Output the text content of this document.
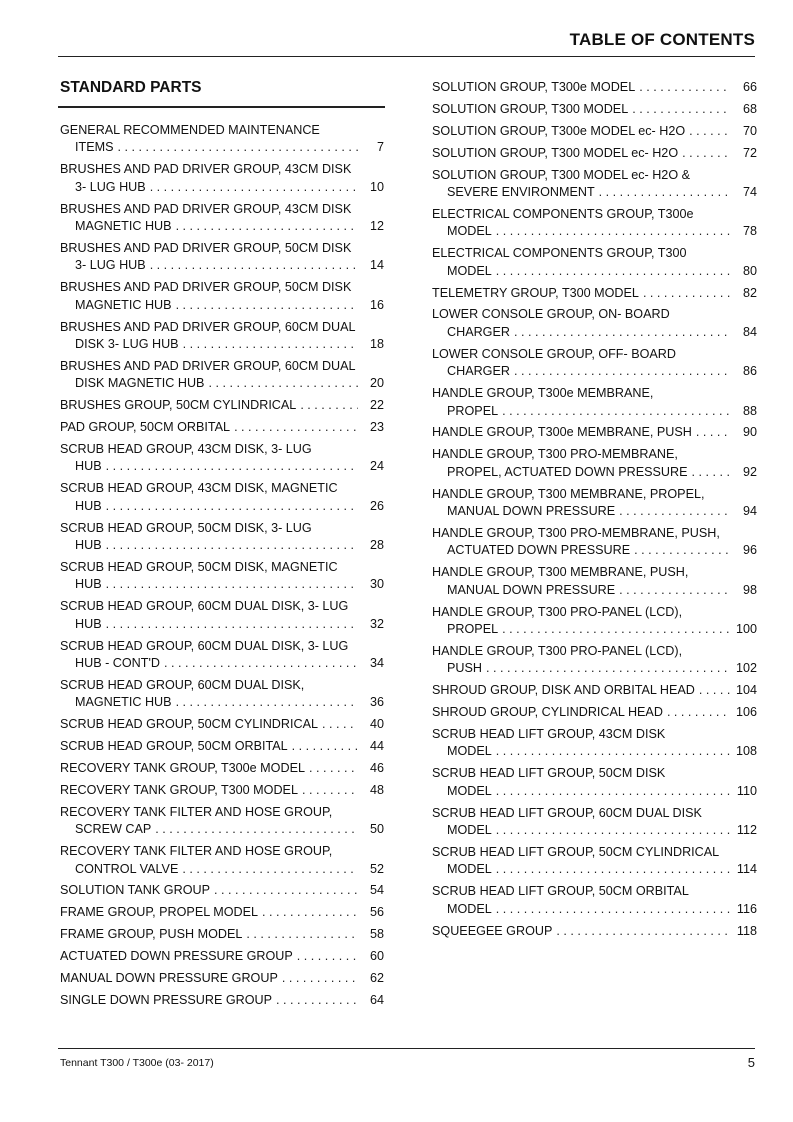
TABLE OF CONTENTS
STANDARD PARTS
GENERAL RECOMMENDED MAINTENANCE
ITEMS . . .	7
BRUSHES AND PAD DRIVER GROUP, 43CM DISK
3- LUG HUB . . .	10
BRUSHES AND PAD DRIVER GROUP, 43CM DISK
MAGNETIC HUB . . .	12
BRUSHES AND PAD DRIVER GROUP, 50CM DISK
3- LUG HUB . . .	14
BRUSHES AND PAD DRIVER GROUP, 50CM DISK
MAGNETIC HUB . . .	16
BRUSHES AND PAD DRIVER GROUP, 60CM DUAL
DISK 3- LUG HUB . . .	18
BRUSHES AND PAD DRIVER GROUP, 60CM DUAL
DISK MAGNETIC HUB . . .	20
BRUSHES GROUP, 50CM CYLINDRICAL . . .	22
PAD GROUP, 50CM ORBITAL . . .	23
SCRUB HEAD GROUP, 43CM DISK, 3- LUG
HUB . . .	24
SCRUB HEAD GROUP, 43CM DISK, MAGNETIC
HUB . . .	26
SCRUB HEAD GROUP, 50CM DISK, 3- LUG
HUB . . .	28
SCRUB HEAD GROUP, 50CM DISK, MAGNETIC
HUB . . .	30
SCRUB HEAD GROUP, 60CM DUAL DISK, 3- LUG
HUB . . .	32
SCRUB HEAD GROUP, 60CM DUAL DISK, 3- LUG
HUB - CONT'D . . .	34
SCRUB HEAD GROUP, 60CM DUAL DISK,
MAGNETIC HUB . . .	36
SCRUB HEAD GROUP, 50CM CYLINDRICAL . . .	40
SCRUB HEAD GROUP, 50CM ORBITAL . . .	44
RECOVERY TANK GROUP, T300e MODEL . . .	46
RECOVERY TANK GROUP, T300 MODEL . . .	48
RECOVERY TANK FILTER AND HOSE GROUP,
SCREW CAP . . .	50
RECOVERY TANK FILTER AND HOSE GROUP,
CONTROL VALVE . . .	52
SOLUTION TANK GROUP . . .	54
FRAME GROUP, PROPEL MODEL . . .	56
FRAME GROUP, PUSH MODEL . . .	58
ACTUATED DOWN PRESSURE GROUP . . .	60
MANUAL DOWN PRESSURE GROUP . . .	62
SINGLE DOWN PRESSURE GROUP . . .	64
SOLUTION GROUP, T300e MODEL . . .	66
SOLUTION GROUP, T300 MODEL . . .	68
SOLUTION GROUP, T300e MODEL ec- H2O . . .	70
SOLUTION GROUP, T300 MODEL ec- H2O . . .	72
SOLUTION GROUP, T300 MODEL ec- H2O &
SEVERE ENVIRONMENT . . .	74
ELECTRICAL COMPONENTS GROUP, T300e
MODEL . . .	78
ELECTRICAL COMPONENTS GROUP, T300
MODEL . . .	80
TELEMETRY GROUP, T300 MODEL . . .	82
LOWER CONSOLE GROUP, ON- BOARD
CHARGER . . .	84
LOWER CONSOLE GROUP, OFF- BOARD
CHARGER . . .	86
HANDLE GROUP, T300e MEMBRANE,
PROPEL . . .	88
HANDLE GROUP, T300e MEMBRANE, PUSH . . .	90
HANDLE GROUP, T300 PRO-MEMBRANE,
PROPEL, ACTUATED DOWN PRESSURE . . .	92
HANDLE GROUP, T300 MEMBRANE, PROPEL,
MANUAL DOWN PRESSURE . . .	94
HANDLE GROUP, T300 PRO-MEMBRANE, PUSH,
ACTUATED DOWN PRESSURE . . .	96
HANDLE GROUP, T300 MEMBRANE, PUSH,
MANUAL DOWN PRESSURE . . .	98
HANDLE GROUP, T300 PRO-PANEL (LCD),
PROPEL . . .	100
HANDLE GROUP, T300 PRO-PANEL (LCD),
PUSH . . .	102
SHROUD GROUP, DISK AND ORBITAL HEAD . . .	104
SHROUD GROUP, CYLINDRICAL HEAD . . .	106
SCRUB HEAD LIFT GROUP, 43CM DISK
MODEL . . .	108
SCRUB HEAD LIFT GROUP, 50CM DISK
MODEL . . .	110
SCRUB HEAD LIFT GROUP, 60CM DUAL DISK
MODEL . . .	112
SCRUB HEAD LIFT GROUP, 50CM CYLINDRICAL
MODEL . . .	114
SCRUB HEAD LIFT GROUP, 50CM ORBITAL
MODEL . . .	116
SQUEEGEE GROUP . . .	118
Tennant T300 / T300e (03- 2017)	5
